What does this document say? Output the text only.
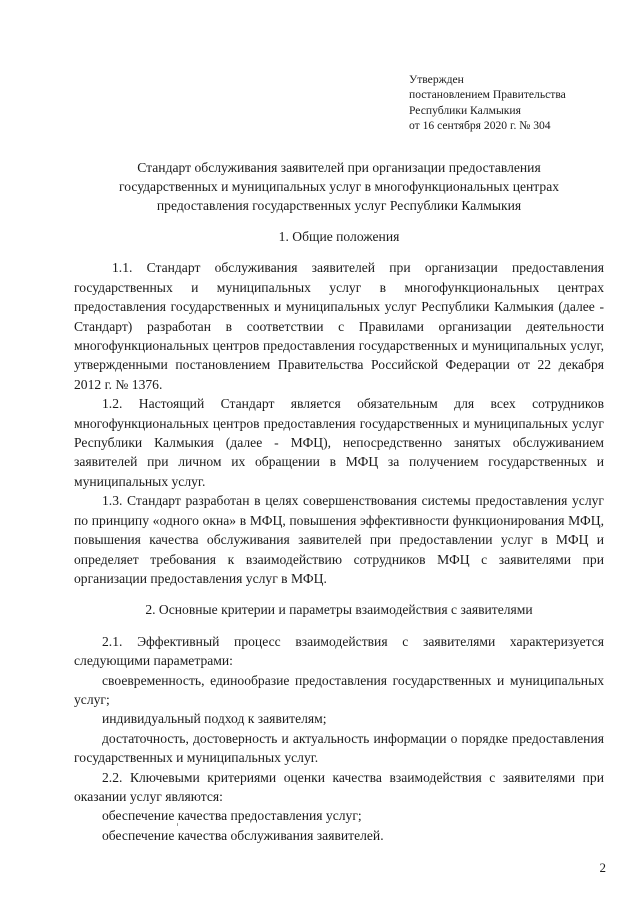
Утвержден
постановлением Правительства
Республики Калмыкия
от 16 сентября 2020 г. № 304
Стандарт обслуживания заявителей при организации предоставления
государственных и муниципальных услуг в многофункциональных центрах
предоставления государственных услуг Республики Калмыкия
1. Общие положения

1.1. Стандарт обслуживания заявителей при организации предоставления государственных и муниципальных услуг в многофункциональных центрах предоставления государственных и муниципальных услуг Республики Калмыкия (далее - Стандарт) разработан в соответствии с Правилами организации деятельности многофункциональных центров предоставления государственных и муниципальных услуг, утвержденными постановлением Правительства Российской Федерации от 22 декабря 2012 г. № 1376.

1.2. Настоящий Стандарт является обязательным для всех сотрудников многофункциональных центров предоставления государственных и муниципальных услуг Республики Калмыкия (далее - МФЦ), непосредственно занятых обслуживанием заявителей при личном их обращении в МФЦ за получением государственных и муниципальных услуг.

1.3. Стандарт разработан в целях совершенствования системы предоставления услуг по принципу «одного окна» в МФЦ, повышения эффективности функционирования МФЦ, повышения качества обслуживания заявителей при предоставлении услуг в МФЦ и определяет требования к взаимодействию сотрудников МФЦ с заявителями при организации предоставления услуг в МФЦ.

2. Основные критерии и параметры взаимодействия с заявителями

2.1. Эффективный процесс взаимодействия с заявителями характеризуется следующими параметрами:

своевременность, единообразие предоставления государственных и муниципальных услуг;

индивидуальный подход к заявителям;

достаточность, достоверность и актуальность информации о порядке предоставления государственных и муниципальных услуг.

2.2. Ключевыми критериями оценки качества взаимодействия с заявителями при оказании услуг являются:

обеспечение качества предоставления услуг;

обеспечение качества обслуживания заявителей.

2
